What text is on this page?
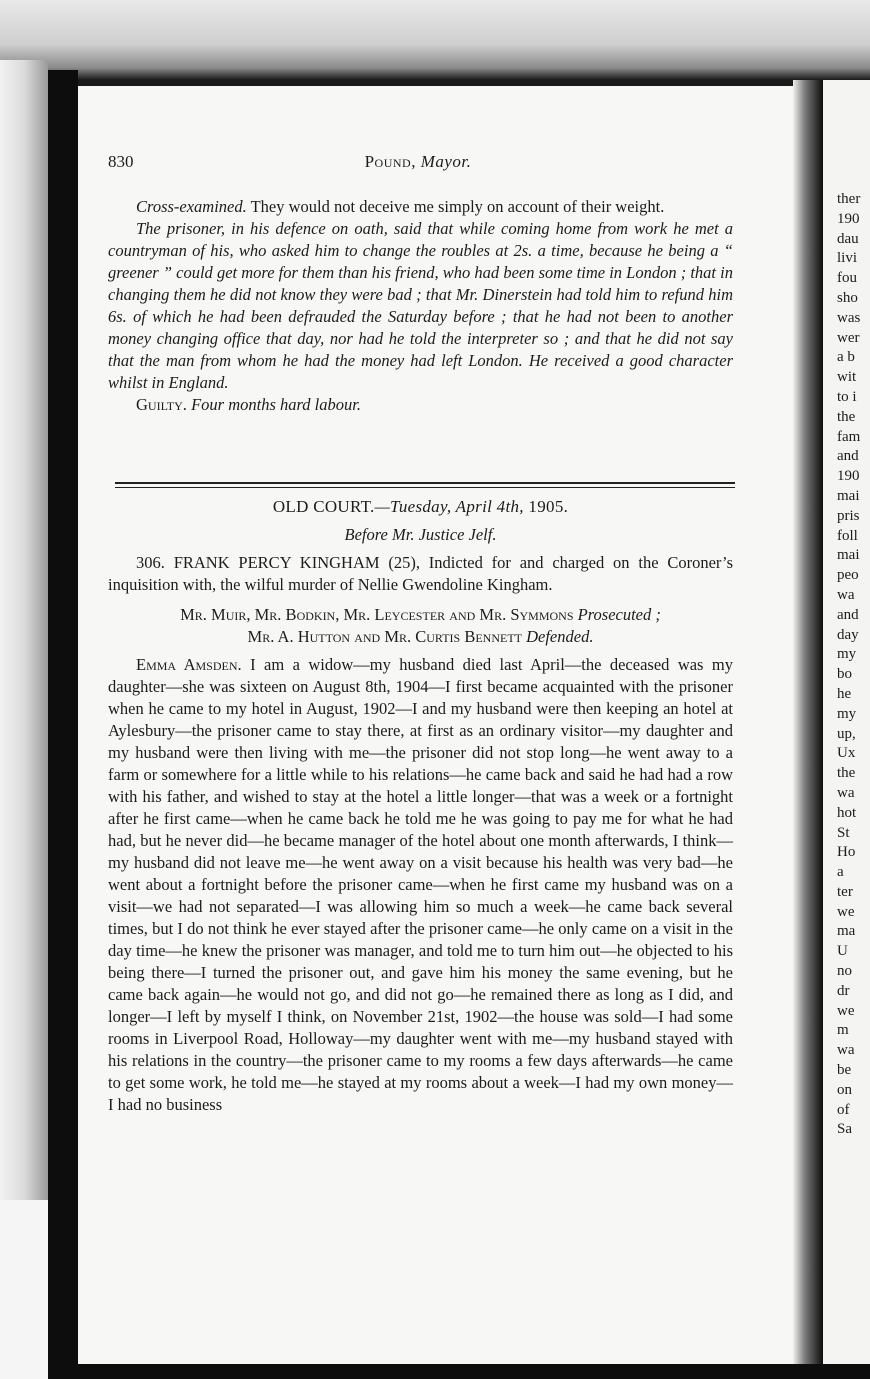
ther
190
dau
livi
fou
sho
was
wer
a b
wit
to i
the
fam
and
190
mai
pris
foll
mai
peo
wa
and
day
my
bo
he
my
up,
Ux
the
wa
hot
St
Ho
a
ter
we
ma
U
no
dr
we
m
wa
be
on
of
Sa
830	Pound, Mayor.

Cross-examined. They would not deceive me simply on account of their weight.

The prisoner, in his defence on oath, said that while coming home from work he met a countryman of his, who asked him to change the roubles at 2s. a time, because he being a “ greener ” could get more for them than his friend, who had been some time in London ; that in changing them he did not know they were bad ; that Mr. Dinerstein had told him to refund him 6s. of which he had been defrauded the Saturday before ; that he had not been to another money changing office that day, nor had he told the interpreter so ; and that he did not say that the man from whom he had the money had left London. He received a good character whilst in England.

Guilty. Four months hard labour.

OLD COURT.—Tuesday, April 4th, 1905.

Before Mr. Justice Jelf.

306. FRANK PERCY KINGHAM (25), Indicted for and charged on the Coroner’s inquisition with, the wilful murder of Nellie Gwendoline Kingham.

Mr. Muir, Mr. Bodkin, Mr. Leycester and Mr. Symmons Prosecuted ;
Mr. A. Hutton and Mr. Curtis Bennett Defended.

Emma Amsden. I am a widow—my husband died last April—the deceased was my daughter—she was sixteen on August 8th, 1904—I first became acquainted with the prisoner when he came to my hotel in August, 1902—I and my husband were then keeping an hotel at Aylesbury—the prisoner came to stay there, at first as an ordinary visitor—my daughter and my husband were then living with me—the prisoner did not stop long—he went away to a farm or somewhere for a little while to his relations—he came back and said he had had a row with his father, and wished to stay at the hotel a little longer—that was a week or a fortnight after he first came—when he came back he told me he was going to pay me for what he had had, but he never did—he became manager of the hotel about one month afterwards, I think—my husband did not leave me—he went away on a visit because his health was very bad—he went about a fortnight before the prisoner came—when he first came my husband was on a visit—we had not separated—I was allowing him so much a week—he came back several times, but I do not think he ever stayed after the prisoner came—he only came on a visit in the day time—he knew the prisoner was manager, and told me to turn him out—he objected to his being there—I turned the prisoner out, and gave him his money the same evening, but he came back again—he would not go, and did not go—he remained there as long as I did, and longer—I left by myself I think, on November 21st, 1902—the house was sold—I had some rooms in Liverpool Road, Holloway—my daughter went with me—my husband stayed with his relations in the country—the prisoner came to my rooms a few days afterwards—he came to get some work, he told me—he stayed at my rooms about a week—I had my own money—I had no business
